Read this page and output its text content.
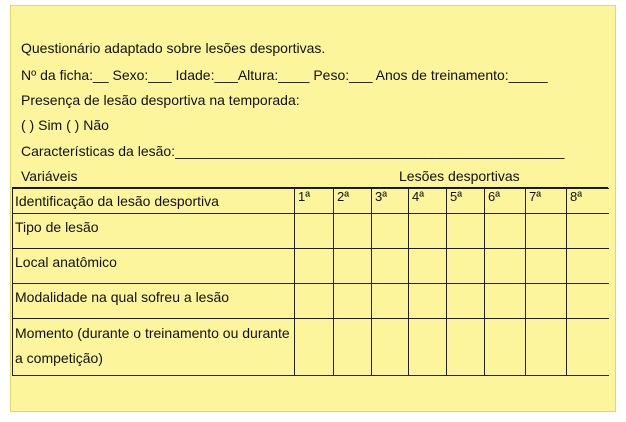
Questionário adaptado sobre lesões desportivas.
Nº da ficha:__ Sexo:___ Idade:___Altura:____ Peso:___ Anos de treinamento:_____
Presença de lesão desportiva na temporada:
( ) Sim ( ) Não
Características da lesão:__________________________________________________
Variáveis	Lesões desportivas
Identificação da lesão desportiva	1ª	2ª	3ª	4ª	5ª	6ª	7ª	8ª
Tipo de lesão								
Local anatômico								
Modalidade na qual sofreu a lesão								
Momento (durante o treinamento ou durante a competição)								
